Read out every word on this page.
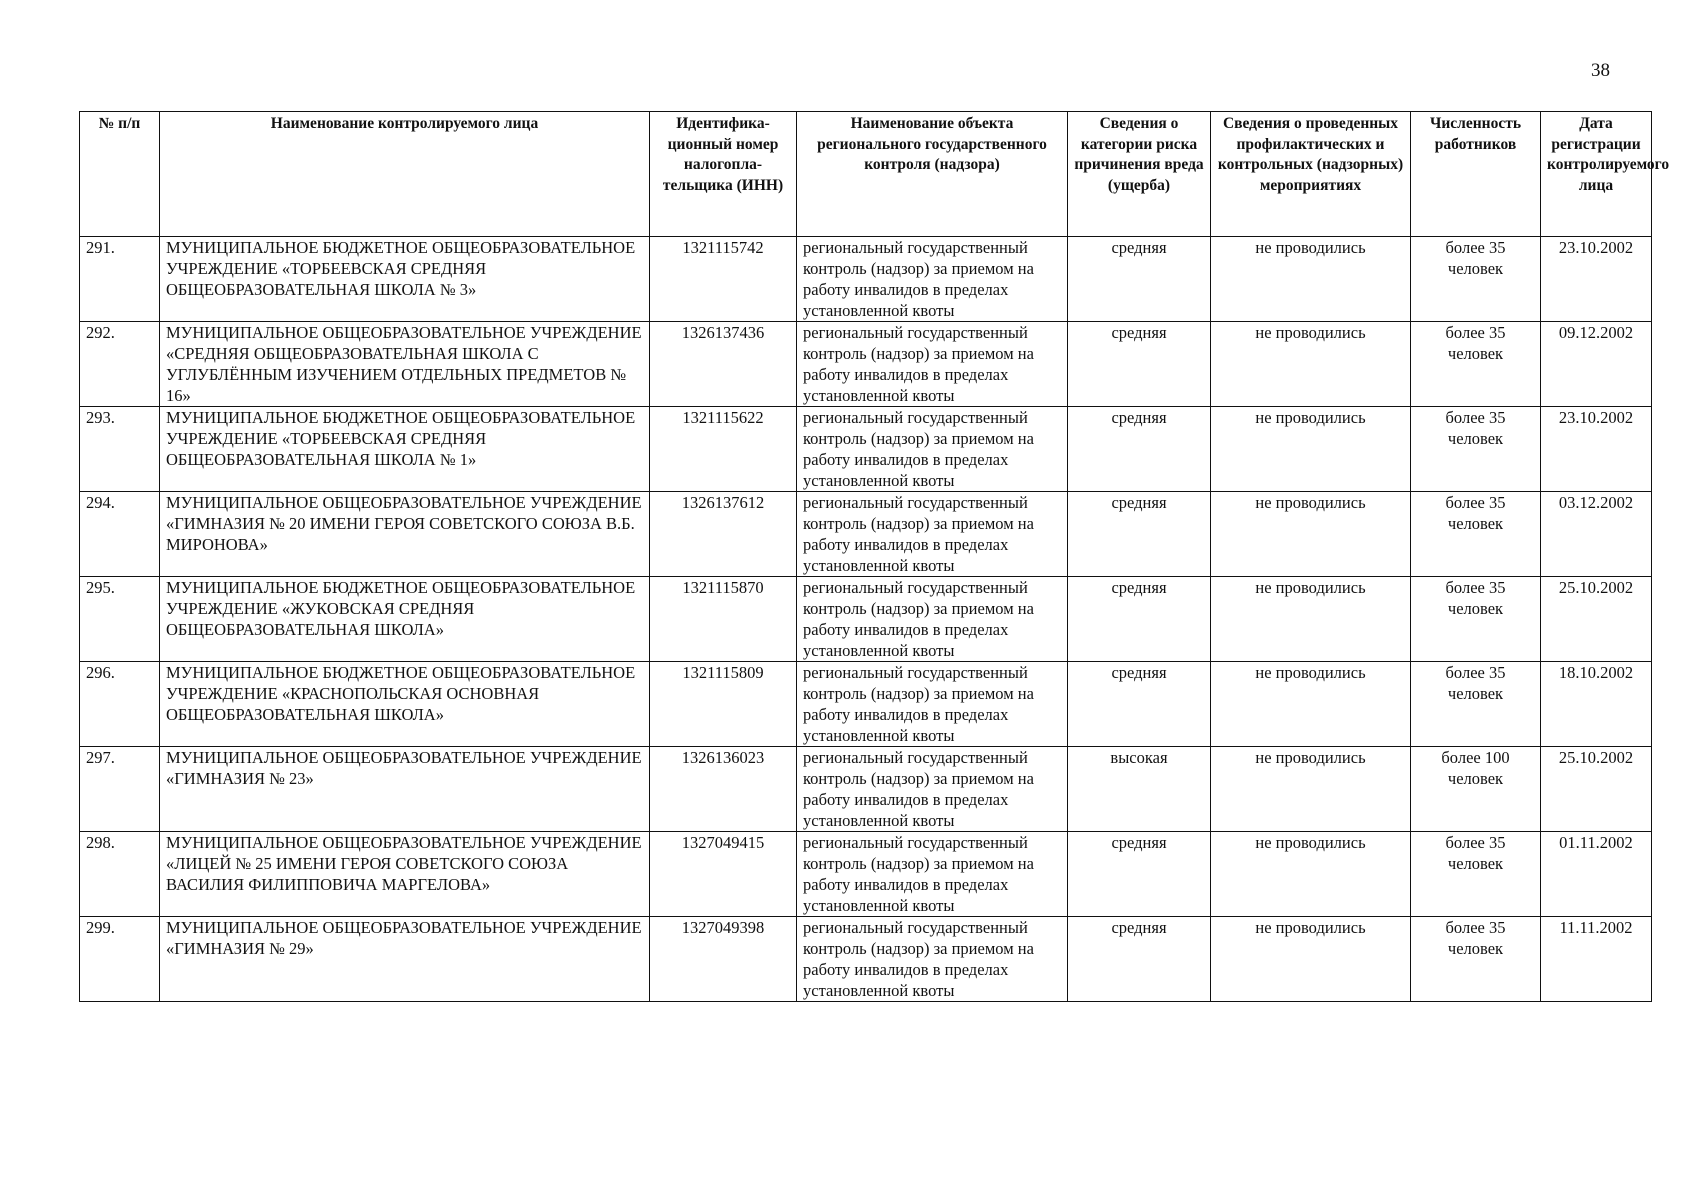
38
№ п/п	Наименование контролируемого лица	Идентифика-ционный номер налогопла-тельщика (ИНН)	Наименование объекта регионального государственного контроля (надзора)	Сведения о категории риска причинения вреда (ущерба)	Сведения о проведенных профилактических и контрольных (надзорных) мероприятиях	Численность работников	Дата регистрации контролируемого лица
291.	МУНИЦИПАЛЬНОЕ БЮДЖЕТНОЕ ОБЩЕОБРАЗОВАТЕЛЬНОЕ УЧРЕЖДЕНИЕ «ТОРБЕЕВСКАЯ СРЕДНЯЯ ОБЩЕОБРАЗОВАТЕЛЬНАЯ ШКОЛА № 3»	1321115742	региональный государственный контроль (надзор) за приемом на работу инвалидов в пределах установленной квоты	средняя	не проводились	более 35 человек	23.10.2002
292.	МУНИЦИПАЛЬНОЕ ОБЩЕОБРАЗОВАТЕЛЬНОЕ УЧРЕЖДЕНИЕ «СРЕДНЯЯ ОБЩЕОБРАЗОВАТЕЛЬНАЯ ШКОЛА С УГЛУБЛЁННЫМ ИЗУЧЕНИЕМ ОТДЕЛЬНЫХ ПРЕДМЕТОВ № 16»	1326137436	региональный государственный контроль (надзор) за приемом на работу инвалидов в пределах установленной квоты	средняя	не проводились	более 35 человек	09.12.2002
293.	МУНИЦИПАЛЬНОЕ БЮДЖЕТНОЕ ОБЩЕОБРАЗОВАТЕЛЬНОЕ УЧРЕЖДЕНИЕ «ТОРБЕЕВСКАЯ СРЕДНЯЯ ОБЩЕОБРАЗОВАТЕЛЬНАЯ ШКОЛА № 1»	1321115622	региональный государственный контроль (надзор) за приемом на работу инвалидов в пределах установленной квоты	средняя	не проводились	более 35 человек	23.10.2002
294.	МУНИЦИПАЛЬНОЕ ОБЩЕОБРАЗОВАТЕЛЬНОЕ УЧРЕЖДЕНИЕ «ГИМНАЗИЯ № 20 ИМЕНИ ГЕРОЯ СОВЕТСКОГО СОЮЗА В.Б. МИРОНОВА»	1326137612	региональный государственный контроль (надзор) за приемом на работу инвалидов в пределах установленной квоты	средняя	не проводились	более 35 человек	03.12.2002
295.	МУНИЦИПАЛЬНОЕ БЮДЖЕТНОЕ ОБЩЕОБРАЗОВАТЕЛЬНОЕ УЧРЕЖДЕНИЕ «ЖУКОВСКАЯ СРЕДНЯЯ ОБЩЕОБРАЗОВАТЕЛЬНАЯ ШКОЛА»	1321115870	региональный государственный контроль (надзор) за приемом на работу инвалидов в пределах установленной квоты	средняя	не проводились	более 35 человек	25.10.2002
296.	МУНИЦИПАЛЬНОЕ БЮДЖЕТНОЕ ОБЩЕОБРАЗОВАТЕЛЬНОЕ УЧРЕЖДЕНИЕ «КРАСНОПОЛЬСКАЯ ОСНОВНАЯ ОБЩЕОБРАЗОВАТЕЛЬНАЯ ШКОЛА»	1321115809	региональный государственный контроль (надзор) за приемом на работу инвалидов в пределах установленной квоты	средняя	не проводились	более 35 человек	18.10.2002
297.	МУНИЦИПАЛЬНОЕ ОБЩЕОБРАЗОВАТЕЛЬНОЕ УЧРЕЖДЕНИЕ «ГИМНАЗИЯ № 23»	1326136023	региональный государственный контроль (надзор) за приемом на работу инвалидов в пределах установленной квоты	высокая	не проводились	более 100 человек	25.10.2002
298.	МУНИЦИПАЛЬНОЕ ОБЩЕОБРАЗОВАТЕЛЬНОЕ УЧРЕЖДЕНИЕ «ЛИЦЕЙ № 25 ИМЕНИ ГЕРОЯ СОВЕТСКОГО СОЮЗА ВАСИЛИЯ ФИЛИППОВИЧА МАРГЕЛОВА»	1327049415	региональный государственный контроль (надзор) за приемом на работу инвалидов в пределах установленной квоты	средняя	не проводились	более 35 человек	01.11.2002
299.	МУНИЦИПАЛЬНОЕ ОБЩЕОБРАЗОВАТЕЛЬНОЕ УЧРЕЖДЕНИЕ «ГИМНАЗИЯ № 29»	1327049398	региональный государственный контроль (надзор) за приемом на работу инвалидов в пределах установленной квоты	средняя	не проводились	более 35 человек	11.11.2002
